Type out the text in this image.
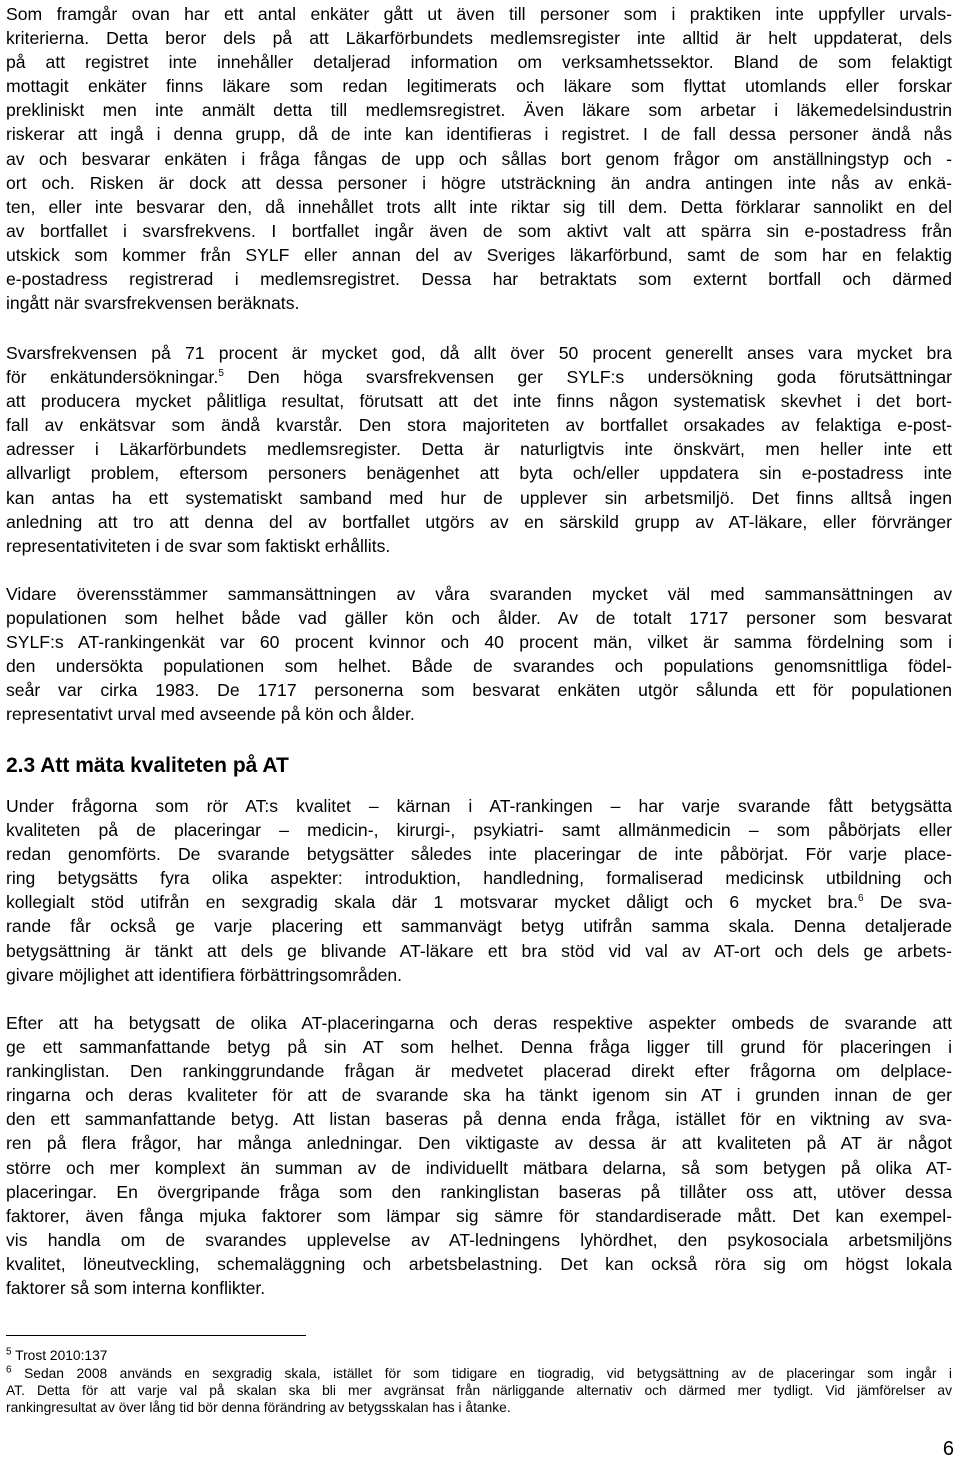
Som framgår ovan har ett antal enkäter gått ut även till personer som i praktiken inte uppfyller urvals-
kriterierna. Detta beror dels på att Läkarförbundets medlemsregister inte alltid är helt uppdaterat, dels
på att registret inte innehåller detaljerad information om verksamhetssektor. Bland de som felaktigt
mottagit enkäter finns läkare som redan legitimerats och läkare som flyttat utomlands eller forskar
prekliniskt men inte anmält detta till medlemsregistret. Även läkare som arbetar i läkemedelsindustrin
riskerar att ingå i denna grupp, då de inte kan identifieras i registret. I de fall dessa personer ändå nås
av och besvarar enkäten i fråga fångas de upp och sållas bort genom frågor om anställningstyp och -
ort och. Risken är dock att dessa personer i högre utsträckning än andra antingen inte nås av enkä-
ten, eller inte besvarar den, då innehållet trots allt inte riktar sig till dem. Detta förklarar sannolikt en del
av bortfallet i svarsfrekvens. I bortfallet ingår även de som aktivt valt att spärra sin e-postadress från
utskick som kommer från SYLF eller annan del av Sveriges läkarförbund, samt de som har en felaktig
e-postadress registrerad i medlemsregistret. Dessa har betraktats som externt bortfall och därmed
ingått när svarsfrekvensen beräknats.
Svarsfrekvensen på 71 procent är mycket god, då allt över 50 procent generellt anses vara mycket bra
för enkätundersökningar.$^5$ Den höga svarsfrekvensen ger SYLF:s undersökning goda förutsättningar
att producera mycket pålitliga resultat, förutsatt att det inte finns någon systematisk skevhet i det bort-
fall av enkätsvar som ändå kvarstår. Den stora majoriteten av bortfallet orsakades av felaktiga e-post-
adresser i Läkarförbundets medlemsregister. Detta är naturligtvis inte önskvärt, men heller inte ett
allvarligt problem, eftersom personers benägenhet att byta och/eller uppdatera sin e-postadress inte
kan antas ha ett systematiskt samband med hur de upplever sin arbetsmiljö. Det finns alltså ingen
anledning att tro att denna del av bortfallet utgörs av en särskild grupp av AT-läkare, eller förvränger
representativiteten i de svar som faktiskt erhållits.
Vidare överensstämmer sammansättningen av våra svaranden mycket väl med sammansättningen av
populationen som helhet både vad gäller kön och ålder. Av de totalt 1717 personer som besvarat
SYLF:s AT-rankingenkät var 60 procent kvinnor och 40 procent män, vilket är samma fördelning som i
den undersökta populationen som helhet. Både de svarandes och populations genomsnittliga födel-
seår var cirka 1983. De 1717 personerna som besvarat enkäten utgör sålunda ett för populationen
representativt urval med avseende på kön och ålder.
2.3 Att mäta kvaliteten på AT
Under frågorna som rör AT:s kvalitet – kärnan i AT-rankingen – har varje svarande fått betygsätta
kvaliteten på de placeringar – medicin-, kirurgi-, psykiatri- samt allmänmedicin – som påbörjats eller
redan genomförts. De svarande betygsätter således inte placeringar de inte påbörjat. För varje place-
ring betygsätts fyra olika aspekter: introduktion, handledning, formaliserad medicinsk utbildning och
kollegialt stöd utifrån en sexgradig skala där 1 motsvarar mycket dåligt och 6 mycket bra.$^6$ De sva-
rande får också ge varje placering ett sammanvägt betyg utifrån samma skala. Denna detaljerade
betygsättning är tänkt att dels ge blivande AT-läkare ett bra stöd vid val av AT-ort och dels ge arbets-
givare möjlighet att identifiera förbättringsområden.
Efter att ha betygsatt de olika AT-placeringarna och deras respektive aspekter ombeds de svarande att
ge ett sammanfattande betyg på sin AT som helhet. Denna fråga ligger till grund för placeringen i
rankinglistan. Den rankinggrundande frågan är medvetet placerad direkt efter frågorna om delplace-
ringarna och deras kvaliteter för att de svarande ska ha tänkt igenom sin AT i grunden innan de ger
den ett sammanfattande betyg. Att listan baseras på denna enda fråga, istället för en viktning av sva-
ren på flera frågor, har många anledningar. Den viktigaste av dessa är att kvaliteten på AT är något
större och mer komplext än summan av de individuellt mätbara delarna, så som betygen på olika AT-
placeringar. En övergripande fråga som den rankinglistan baseras på tillåter oss att, utöver dessa
faktorer, även fånga mjuka faktorer som lämpar sig sämre för standardiserade mått. Det kan exempel-
vis handla om de svarandes upplevelse av AT-ledningens lyhördhet, den psykosociala arbetsmiljöns
kvalitet, löneutveckling, schemaläggning och arbetsbelastning. Det kan också röra sig om högst lokala
faktorer så som interna konflikter.
$^5$ Trost 2010:137
$^6$ Sedan 2008 används en sexgradig skala, istället för som tidigare en tiogradig, vid betygsättning av de placeringar som ingår i
AT. Detta för att varje val på skalan ska bli mer avgränsat från närliggande alternativ och därmed mer tydligt. Vid jämförelser av
rankingresultat av över lång tid bör denna förändring av betygsskalan has i åtanke.
6
